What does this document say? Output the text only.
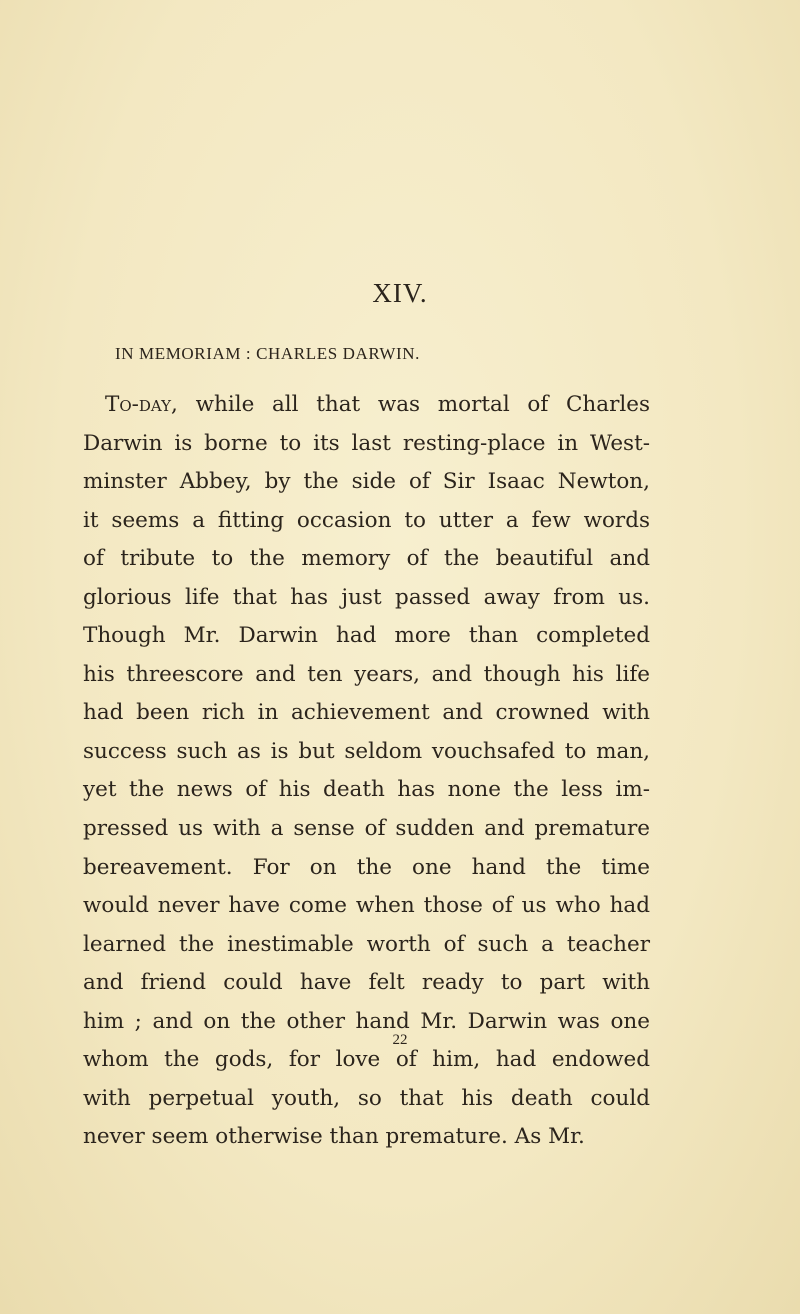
XIV.
IN MEMORIAM : CHARLES DARWIN.
To-day, while all that was mortal of Charles
Darwin is borne to its last resting-place in West-
minster Abbey, by the side of Sir Isaac Newton,
it seems a fitting occasion to utter a few words
of tribute to the memory of the beautiful and
glorious life that has just passed away from us.
Though Mr. Darwin had more than completed
his threescore and ten years, and though his life
had been rich in achievement and crowned with
success such as is but seldom vouchsafed to man,
yet the news of his death has none the less im-
pressed us with a sense of sudden and premature
bereavement. For on the one hand the time
would never have come when those of us who had
learned the inestimable worth of such a teacher
and friend could have felt ready to part with
him ; and on the other hand Mr. Darwin was one
whom the gods, for love of him, had endowed
with perpetual youth, so that his death could
never seem otherwise than premature. As Mr.
22
